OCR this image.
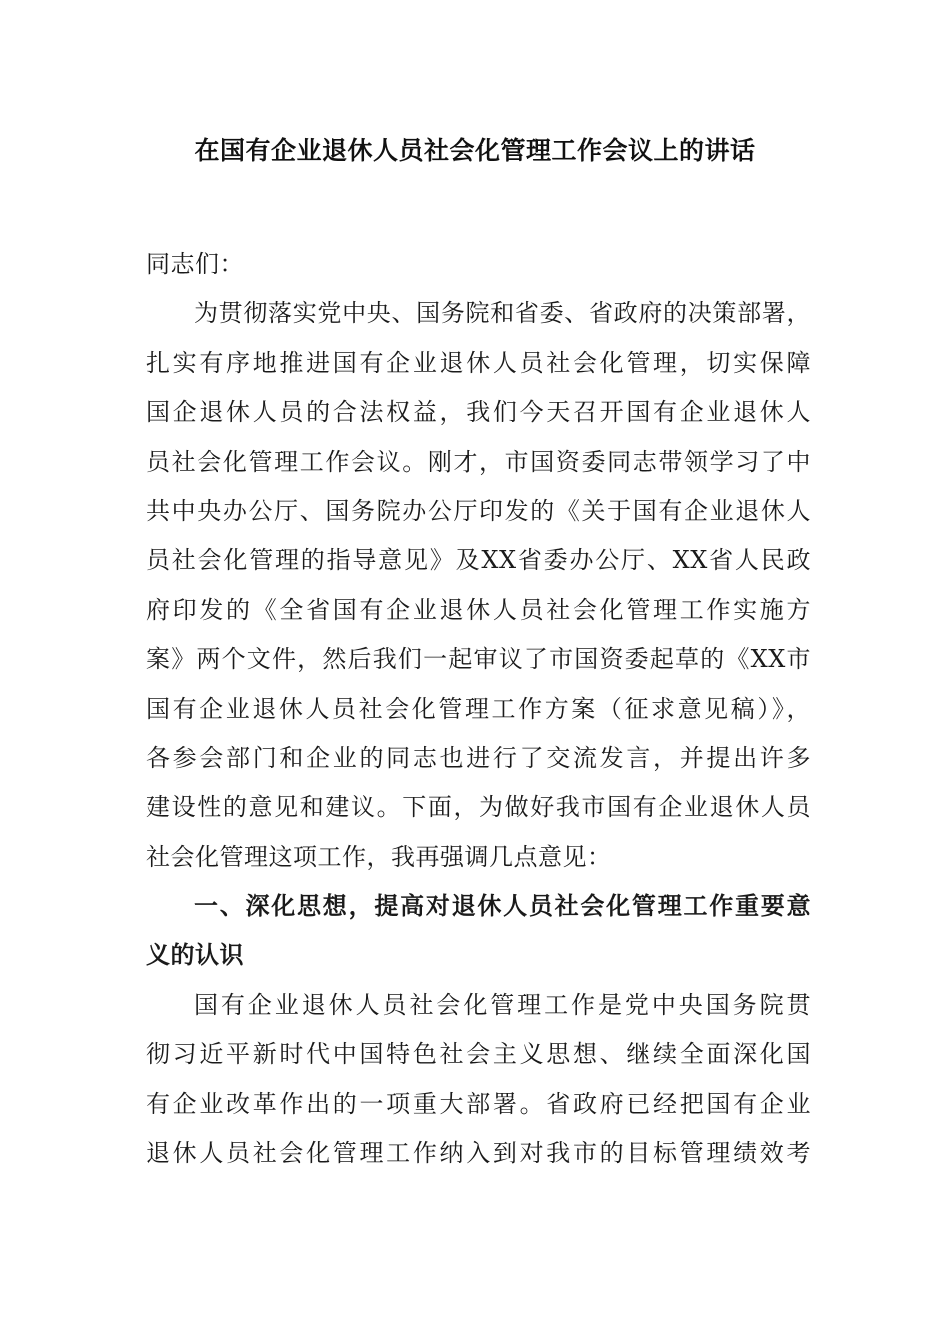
在国有企业退休人员社会化管理工作会议上的讲话
同志们：
为贯彻落实党中央、国务院和省委、省政府的决策部署，
扎实有序地推进国有企业退休人员社会化管理，切实保障
国企退休人员的合法权益，我们今天召开国有企业退休人
员社会化管理工作会议。刚才，市国资委同志带领学习了中
共中央办公厅、国务院办公厅印发的《关于国有企业退休人
员社会化管理的指导意见》及XX省委办公厅、XX省人民政
府印发的《全省国有企业退休人员社会化管理工作实施方
案》两个文件，然后我们一起审议了市国资委起草的《XX市
国有企业退休人员社会化管理工作方案（征求意见稿）》，
各参会部门和企业的同志也进行了交流发言，并提出许多
建设性的意见和建议。下面，为做好我市国有企业退休人员
社会化管理这项工作，我再强调几点意见：
一、深化思想，提高对退休人员社会化管理工作重要意
义的认识
国有企业退休人员社会化管理工作是党中央国务院贯
彻习近平新时代中国特色社会主义思想、继续全面深化国
有企业改革作出的一项重大部署。省政府已经把国有企业
退休人员社会化管理工作纳入到对我市的目标管理绩效考
